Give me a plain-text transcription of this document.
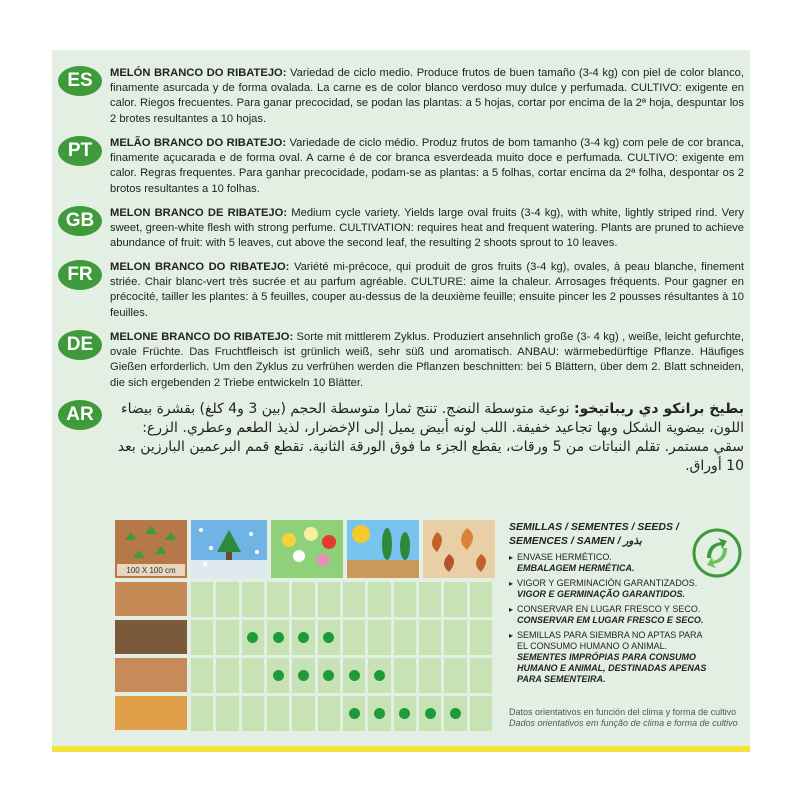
ES	MELÓN BRANCO DO RIBATEJO: Variedad de ciclo medio. Produce frutos de buen tamaño (3-4 kg) con piel de color blanco, finamente asurcada y de forma ovalada. La carne es de color blanco verdoso muy dulce y perfumada. CULTIVO: exigente en calor. Riegos frecuentes. Para ganar precocidad, se podan las plantas: a 5 hojas, cortar por encima de la 2ª hoja, despuntar los 2 brotes resultantes a 10 hojas.
PT	MELÃO BRANCO DO RIBATEJO: Variedade de ciclo médio. Produz frutos de bom tamanho (3-4 kg) com pele de cor branca, finamente açucarada e de forma oval. A carne é de cor branca esverdeada muito doce e perfumada. CULTIVO: exigente em calor. Regras frequentes. Para ganhar precocidade, podam-se as plantas: a 5 folhas, cortar encima da 2ª folha, despontar os 2 brotos resultantes a 10 folhas.
GB	MELON BRANCO DE RIBATEJO: Medium cycle variety. Yields large oval fruits (3-4 kg), with white, lightly striped rind. Very sweet, green-white flesh with strong perfume. CULTIVATION: requires heat and frequent watering. Plants are pruned to achieve abundance of fruit: with 5 leaves, cut above the second leaf, the resulting 2 shoots sprout to 10 leaves.
FR	MELON BRANCO DO RIBATEJO: Variété mi-précoce, qui produit de gros fruits (3-4 kg), ovales, à peau blanche, finement striée. Chair blanc-vert très sucrée et au parfum agréable. CULTURE: aime la chaleur. Arrosages fréquents. Pour gagner en précocité, tailler les plantes: à 5 feuilles, couper au-dessus de la deuxième feuille; ensuite pincer les 2 pousses résultantes à 10 feuilles.
DE	MELONE BRANCO DO RIBATEJO: Sorte mit mittlerem Zyklus. Produziert ansehnlich große (3- 4 kg) , weiße, leicht gefurchte, ovale Früchte. Das Fruchtfleisch ist grünlich weiß, sehr süß und aromatisch. ANBAU: wärmebedürftige Pflanze. Häufiges Gießen erforderlich. Um den Zyklus zu verfrühen werden die Pflanzen beschnitten: bei 5 Blättern, über dem 2. Blatt schneiden, die sich ergebenden 2 Triebe entwickeln 10 Blätter.
AR	بطيخ برانكو دي ريباتيخو: نوعية متوسطة النضج. تنتج ثمارا متوسطة الحجم (بين 3 و4 كلغ) بقشرة بيضاء اللون، بيضوية الشكل وبها تجاعيد خفيفة. اللب لونه أبيض يميل إلى الإخضرار، لذيذ الطعم وعطري. الزرع: سقي مستمر. تقلم النباتات من 5 ورقات، يقطع الجزء ما فوق الورقة الثانية. تقطع قمم البرعمين البارزين بعد 10 أوراق.
100 X 100 cm
SEMILLAS / SEMENTES / SEEDS /
SEMENCES / SAMEN / بذور
▸ ENVASE HERMÉTICO.
EMBALAGEM HERMÉTICA.
▸ VIGOR Y GERMINACIÓN GARANTIZADOS.
VIGOR E GERMINAÇÃO GARANTIDOS.
▸ CONSERVAR EN LUGAR FRESCO Y SECO.
CONSERVAR EM LUGAR FRESCO E SECO.
▸ SEMILLAS PARA SIEMBRA NO APTAS PARA EL CONSUMO HUMANO O ANIMAL.
SEMENTES IMPRÓPIAS PARA CONSUMO HUMANO E ANIMAL, DESTINADAS APENAS PARA SEMENTEIRA.
Datos orientativos en función del clima y forma de cultivo
Dados orientativos em função de clima e forma de cultivo
